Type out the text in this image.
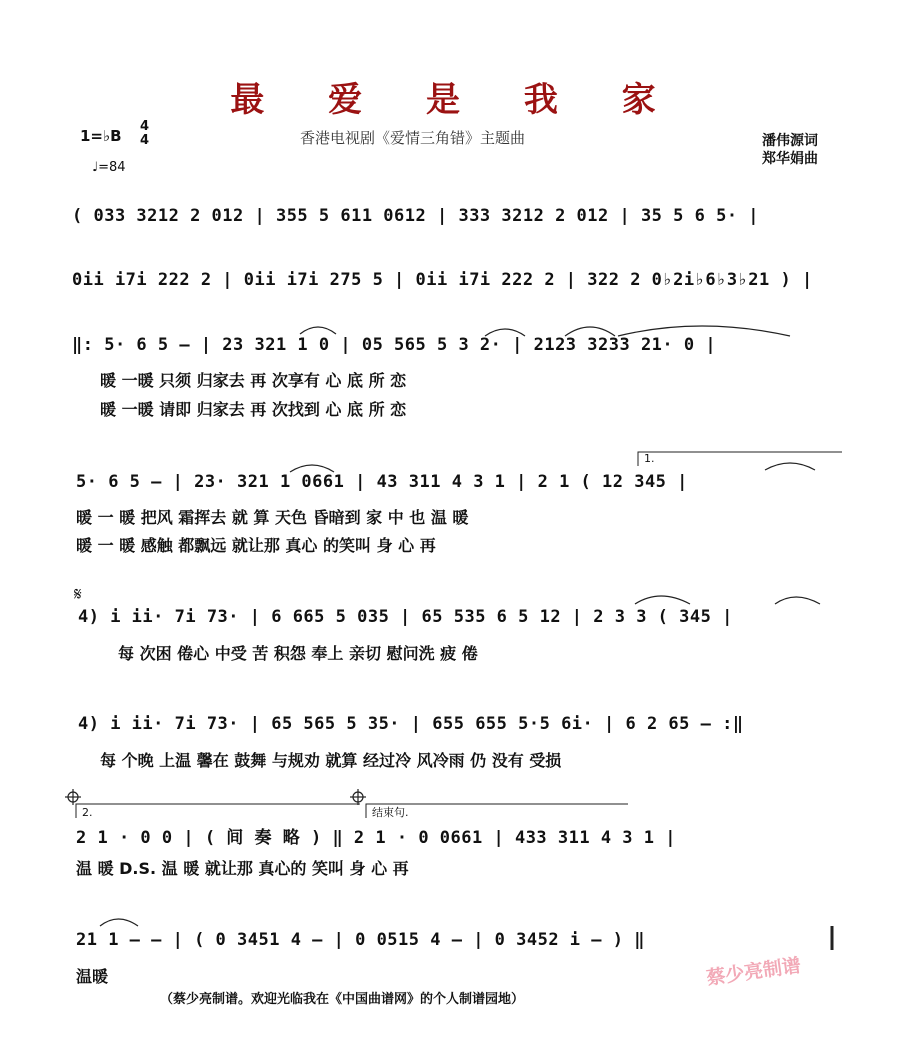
最 爱 是 我 家
1=♭B
4
4
♩=84
香港电视剧《爱情三角错》主题曲	潘伟源词
郑华娟曲
( 033 3212 2 012 | 355 5 611 0612 | 333 3212 2 012 | 35 5 6 5· |
0ii i7i 222 2 | 0ii i7i 275 5 | 0ii i7i 222 2 | 322 2 0♭2i♭6♭3♭21 ) |
‖: 5· 6 5 – | 23 321 1 0 | 05 565 5 3 2· | 2123 3233 21· 0 |
暖 一暖 只须 归家去 再 次享有 心 底 所 恋
暖 一暖 请即 归家去 再 次找到 心 底 所 恋
1.
5· 6 5 – | 23· 321 1 0661 | 43 311 4 3 1 | 2 1 ( 12 345 |
暖 一 暖 把风 霜挥去 就 算 天色 昏暗到 家 中 也 温 暖
暖 一 暖 感触 都飘远 就让那 真心 的笑叫 身 心 再
𝄋
4) i ii· 7i 73· | 6 665 5 035 | 65 535 6 5 12 | 2 3 3 ( 345 |
每 次困 倦心 中受 苦 积怨 奉上 亲切 慰问洗 疲 倦
4) i ii· 7i 73· | 65 565 5 35· | 655 655 5·5 6i· | 6 2 65 – :‖
每 个晚 上温 馨在 鼓舞 与规劝 就算 经过冷 风冷雨 仍 没有 受损
2.	结束句.
2 1 · 0 0 | ( 间 奏 略 ) ‖ 2 1 · 0 0661 | 433 311 4 3 1 |
温 暖 D.S. 温 暖 就让那 真心的 笑叫 身 心 再
21 1 – – | ( 0 3451 4 – | 0 0515 4 – | 0 3452 i – ) ‖
温暖	蔡少亮制谱
（蔡少亮制谱。欢迎光临我在《中国曲谱网》的个人制谱园地）
